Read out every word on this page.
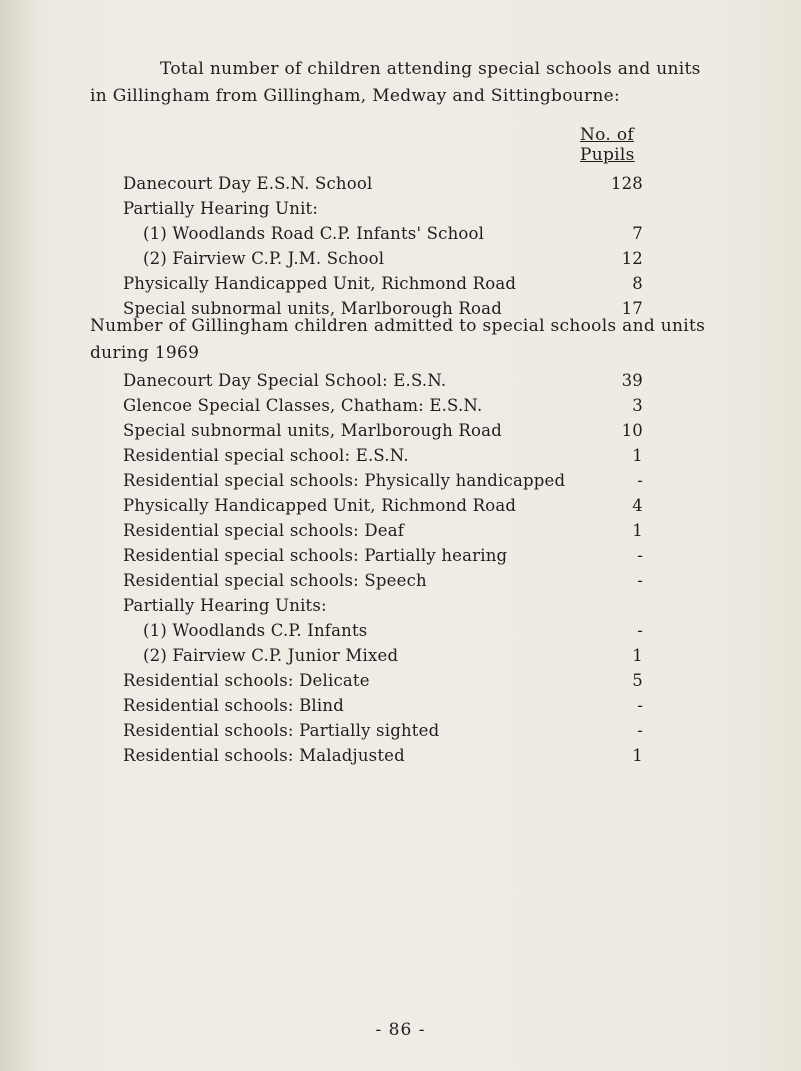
Total number of children attending special schools and units in Gillingham from Gillingham, Medway and Sittingbourne:
No. of Pupils
Danecourt Day E.S.N. School	128
Partially Hearing Unit:
(1) Woodlands Road C.P. Infants' School	7
(2) Fairview C.P. J.M. School	12
Physically Handicapped Unit, Richmond Road	8
Special subnormal units, Marlborough Road	17
Number of Gillingham children admitted to special schools and units during 1969
Danecourt Day Special School: E.S.N.	39
Glencoe Special Classes, Chatham: E.S.N.	3
Special subnormal units, Marlborough Road	10
Residential special school: E.S.N.	1
Residential special schools: Physically handicapped	-
Physically Handicapped Unit, Richmond Road	4
Residential special schools: Deaf	1
Residential special schools: Partially hearing	-
Residential special schools: Speech	-
Partially Hearing Units:
(1) Woodlands C.P. Infants	-
(2) Fairview C.P. Junior Mixed	1
Residential schools: Delicate	5
Residential schools: Blind	-
Residential schools: Partially sighted	-
Residential schools: Maladjusted	1
- 86 -
